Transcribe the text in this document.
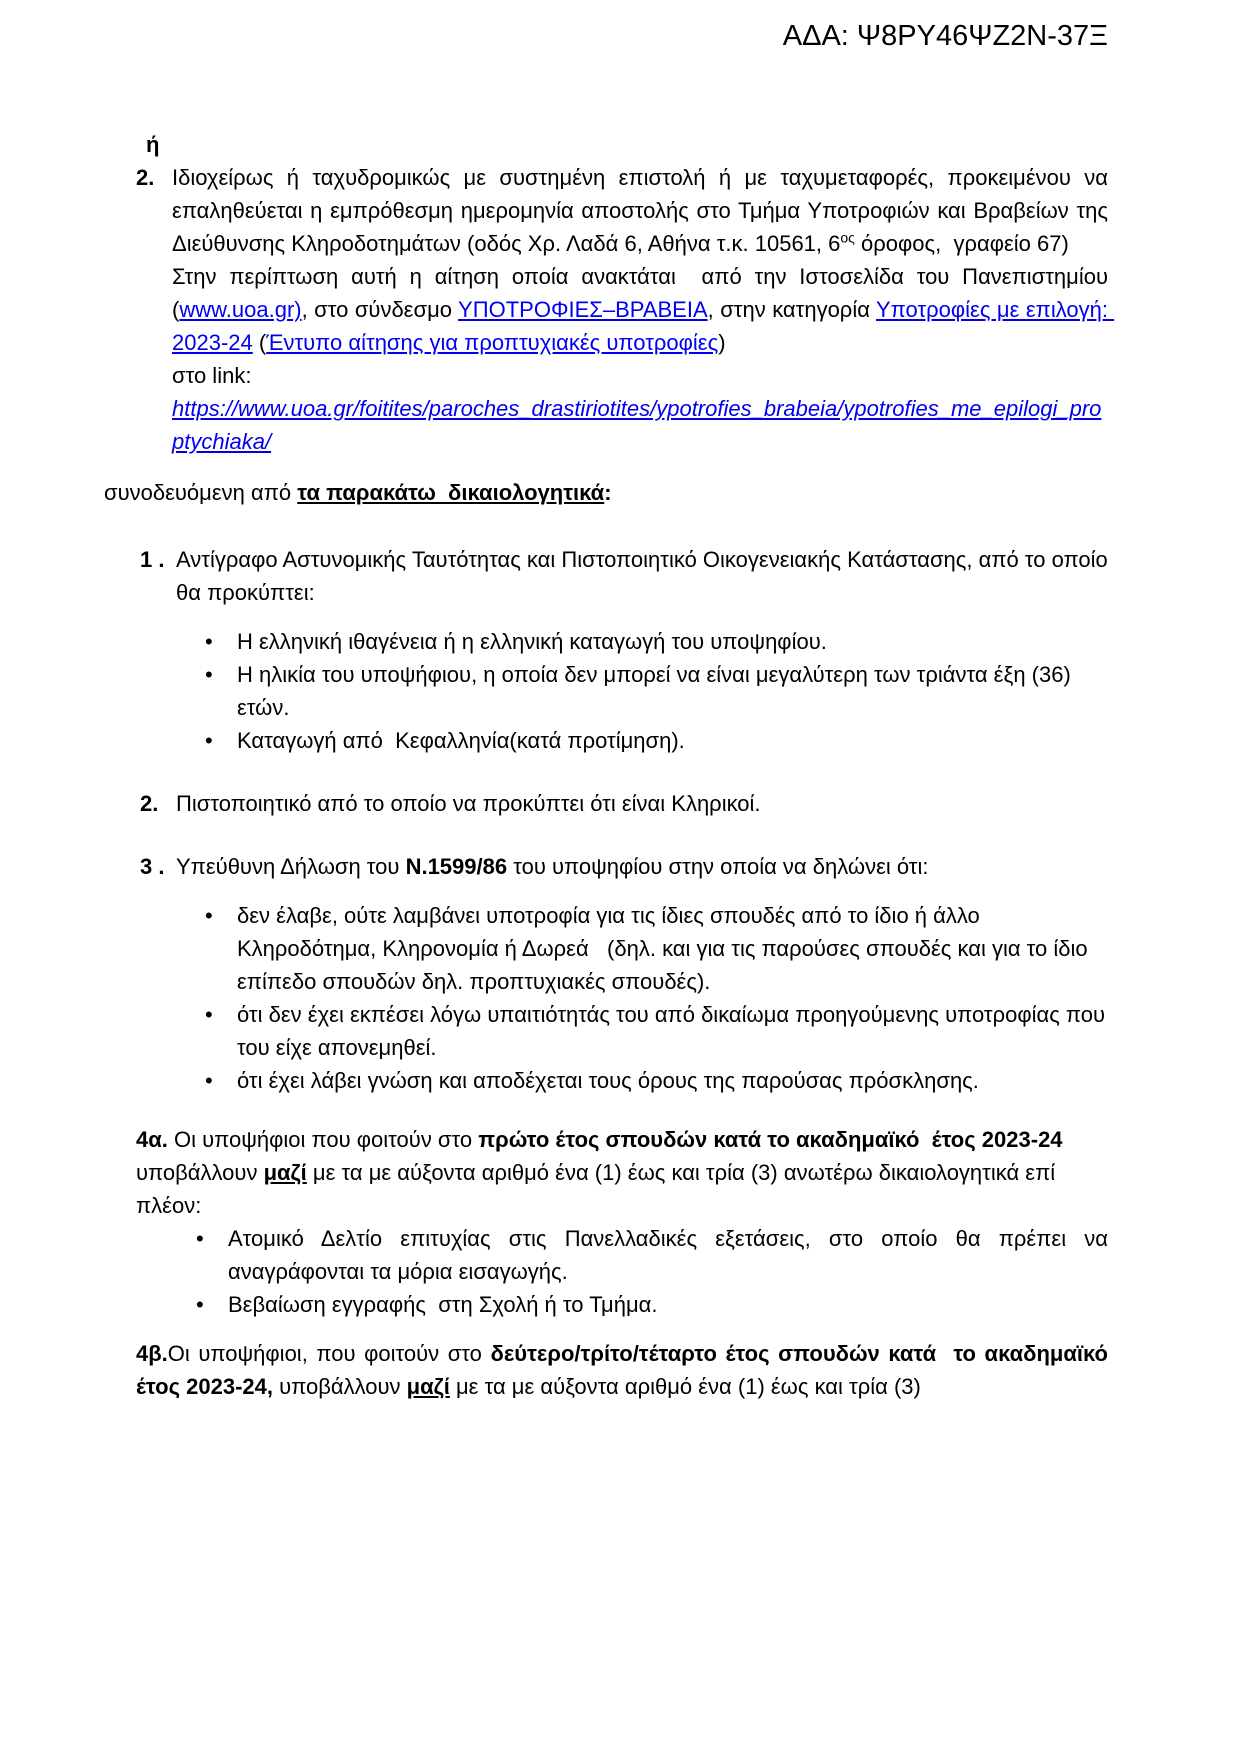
ΑΔΑ: Ψ8ΡΥ46ΨΖ2Ν-37Ξ

ή

2. Ιδιοχείρως ή ταχυδρομικώς με συστημένη επιστολή ή με ταχυμεταφορές, προκειμένου να επαληθεύεται η εμπρόθεσμη ημερομηνία αποστολής στο Τμήμα Υποτροφιών και Βραβείων της Διεύθυνσης Κληροδοτημάτων (οδός Χρ. Λαδά 6, Αθήνα τ.κ. 10561, $6^{o\varsigma}$ όροφος,  γραφείο 67)

Στην περίπτωση αυτή η αίτηση οποία ανακτάται  από την Ιστοσελίδα του Πανεπιστημίου (www.uoa.gr), στο σύνδεσμο ΥΠΟΤΡΟΦΙΕΣ–ΒΡΑΒΕΙΑ, στην κατηγορία Υποτροφίες με επιλογή: 2023-24 (Έντυπο αίτησης για προπτυχιακές υποτροφίες)

στο link:

https://www.uoa.gr/foitites/paroches_drastiriotites/ypotrofies_brabeia/ypotrofies_me_epilogi_proptychiaka/

συνοδευόμενη από τα παρακάτω  δικαιολογητικά:

1 . Αντίγραφο Αστυνομικής Ταυτότητας και Πιστοποιητικό Οικογενειακής Κατάστασης, από το οποίο θα προκύπτει:

•	Η ελληνική ιθαγένεια ή η ελληνική καταγωγή του υποψηφίου.

•	Η ηλικία του υποψήφιου, η οποία δεν μπορεί να είναι μεγαλύτερη των τριάντα έξη (36) ετών.

•	Καταγωγή από  Κεφαλληνία(κατά προτίμηση).

2. Πιστοποιητικό από το οποίο να προκύπτει ότι είναι Κληρικοί.

3 . Υπεύθυνη Δήλωση του Ν.1599/86 του υποψηφίου στην οποία να δηλώνει ότι:

•	δεν έλαβε, ούτε λαμβάνει υποτροφία για τις ίδιες σπουδές από το ίδιο ή άλλο Κληροδότημα, Κληρονομία ή Δωρεά   (δηλ. και για τις παρούσες σπουδές και για το ίδιο επίπεδο σπουδών δηλ. προπτυχιακές σπουδές).

•	ότι δεν έχει εκπέσει λόγω υπαιτιότητάς του από δικαίωμα προηγούμενης υποτροφίας που του είχε απονεμηθεί.

•	ότι έχει λάβει γνώση και αποδέχεται τους όρους της παρούσας πρόσκλησης.

4α. Οι υποψήφιοι που φοιτούν στο πρώτο έτος σπουδών κατά το ακαδημαϊκό  έτος 2023-24 υποβάλλουν μαζί με τα με αύξοντα αριθμό ένα (1) έως και τρία (3) ανωτέρω δικαιολογητικά επί  πλέον:

•	Ατομικό Δελτίο επιτυχίας στις Πανελλαδικές εξετάσεις, στο οποίο θα πρέπει να αναγράφονται τα μόρια εισαγωγής.

•	Βεβαίωση εγγραφής  στη Σχολή ή το Τμήμα.

4β.Οι υποψήφιοι, που φοιτούν στο δεύτερο/τρίτο/τέταρτο έτος σπουδών κατά  το ακαδημαϊκό έτος 2023-24, υποβάλλουν μαζί με τα με αύξοντα αριθμό ένα (1) έως και τρία (3)
